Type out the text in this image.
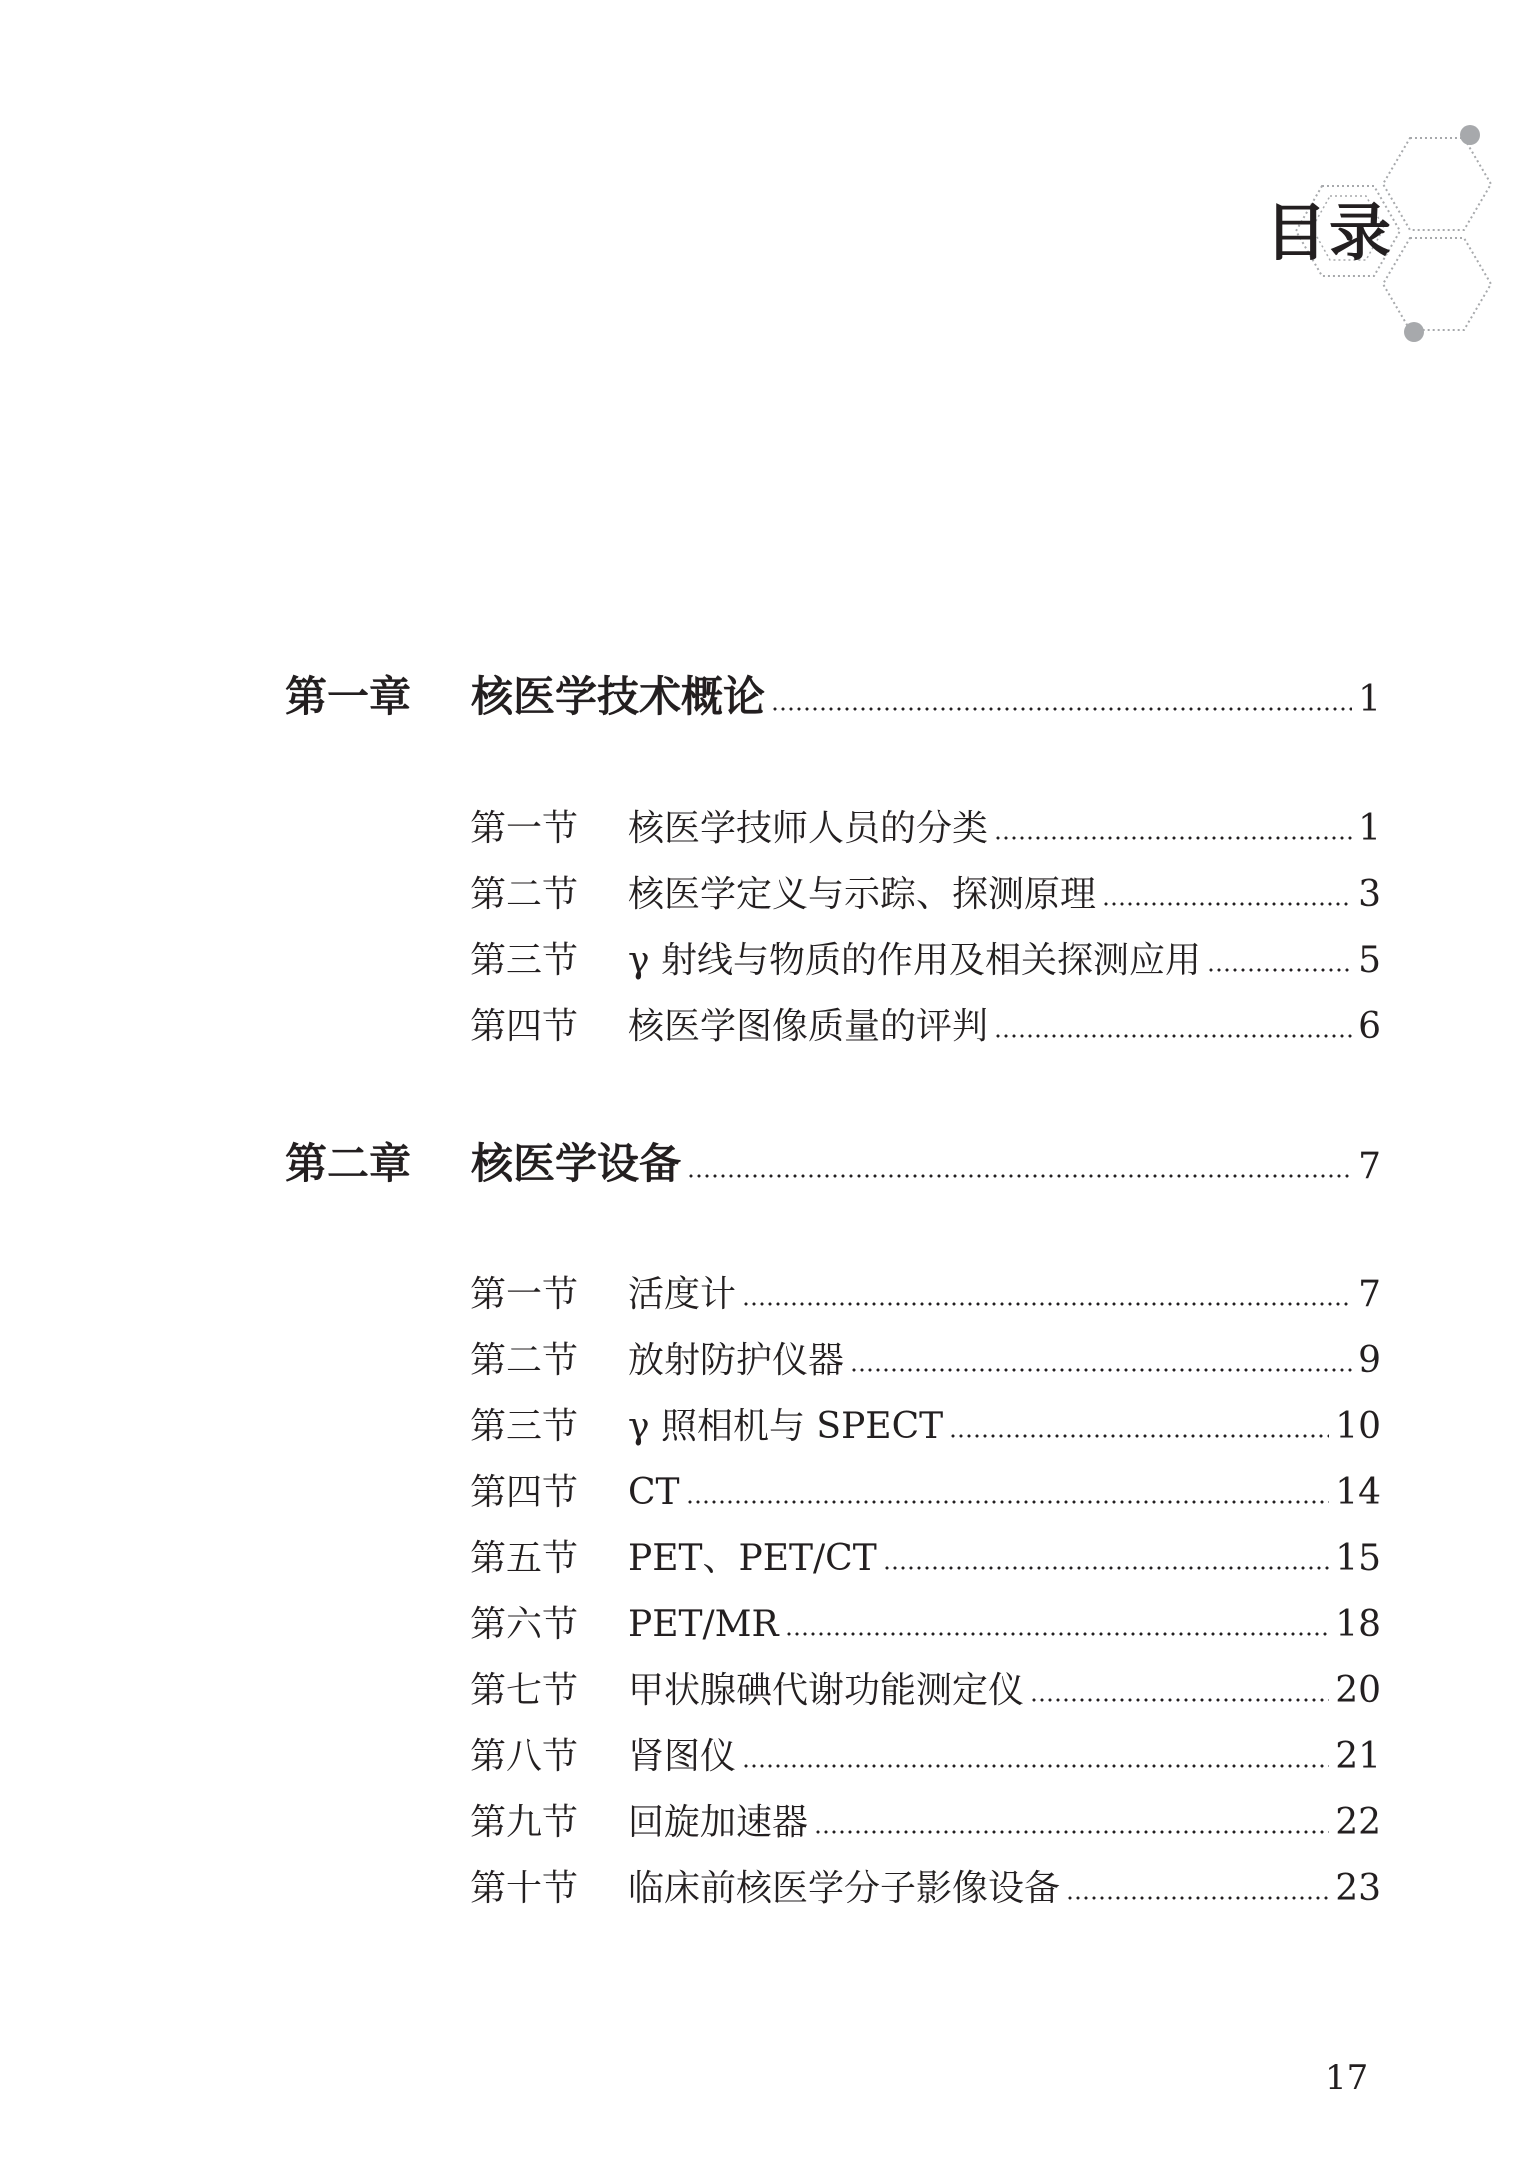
目录
第一章	核医学技术概论	1
第一节	核医学技师人员的分类	1
第二节	核医学定义与示踪、探测原理	3
第三节	γ 射线与物质的作用及相关探测应用	5
第四节	核医学图像质量的评判	6
第二章	核医学设备	7
第一节	活度计	7
第二节	放射防护仪器	9
第三节	γ 照相机与 SPECT	10
第四节	CT	14
第五节	PET、PET/CT	15
第六节	PET/MR	18
第七节	甲状腺碘代谢功能测定仪	20
第八节	肾图仪	21
第九节	回旋加速器	22
第十节	临床前核医学分子影像设备	23
17
